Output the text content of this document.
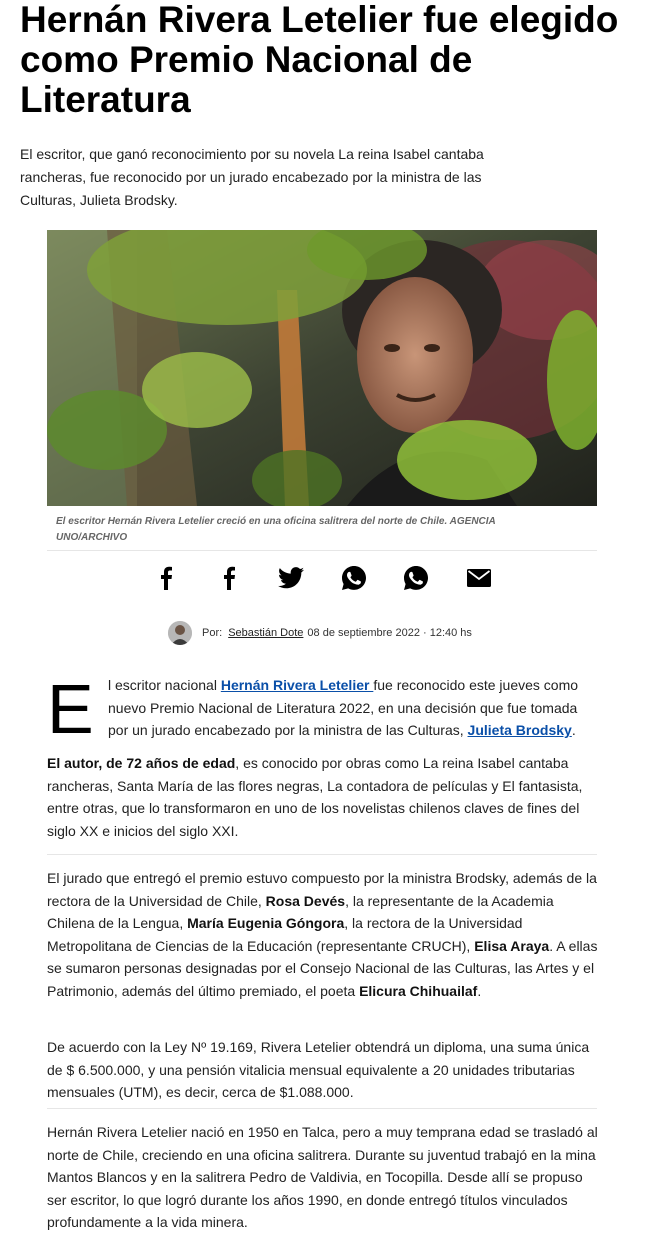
Hernán Rivera Letelier fue elegido como Premio Nacional de Literatura

El escritor, que ganó reconocimiento por su novela La reina Isabel cantaba rancheras, fue reconocido por un jurado encabezado por la ministra de las Culturas, Julieta Brodsky.

El escritor Hernán Rivera Letelier creció en una oficina salitrera del norte de Chile. AGENCIA UNO/ARCHIVO

Por: Sebastián Dote 08 de septiembre 2022 · 12:40 hs
E l escritor nacional Hernán Rivera Letelier fue reconocido este jueves como nuevo Premio Nacional de Literatura 2022, en una decisión que fue tomada por un jurado encabezado por la ministra de las Culturas, Julieta Brodsky.

El autor, de 72 años de edad, es conocido por obras como La reina Isabel cantaba rancheras, Santa María de las flores negras, La contadora de películas y El fantasista, entre otras, que lo transformaron en uno de los novelistas chilenos claves de fines del siglo XX e inicios del siglo XXI.

El jurado que entregó el premio estuvo compuesto por la ministra Brodsky, además de la rectora de la Universidad de Chile, Rosa Devés, la representante de la Academia Chilena de la Lengua, María Eugenia Góngora, la rectora de la Universidad Metropolitana de Ciencias de la Educación (representante CRUCH), Elisa Araya. A ellas se sumaron personas designadas por el Consejo Nacional de las Culturas, las Artes y el Patrimonio, además del último premiado, el poeta Elicura Chihuailaf.

De acuerdo con la Ley Nº 19.169, Rivera Letelier obtendrá un diploma, una suma única de $ 6.500.000, y una pensión vitalicia mensual equivalente a 20 unidades tributarias mensuales (UTM), es decir, cerca de $1.088.000.

Hernán Rivera Letelier nació en 1950 en Talca, pero a muy temprana edad se trasladó al norte de Chile, creciendo en una oficina salitrera. Durante su juventud trabajó en la mina Mantos Blancos y en la salitrera Pedro de Valdivia, en Tocopilla. Desde allí se propuso ser escritor, lo que logró durante los años 1990, en donde entregó títulos vinculados profundamente a la vida minera.
